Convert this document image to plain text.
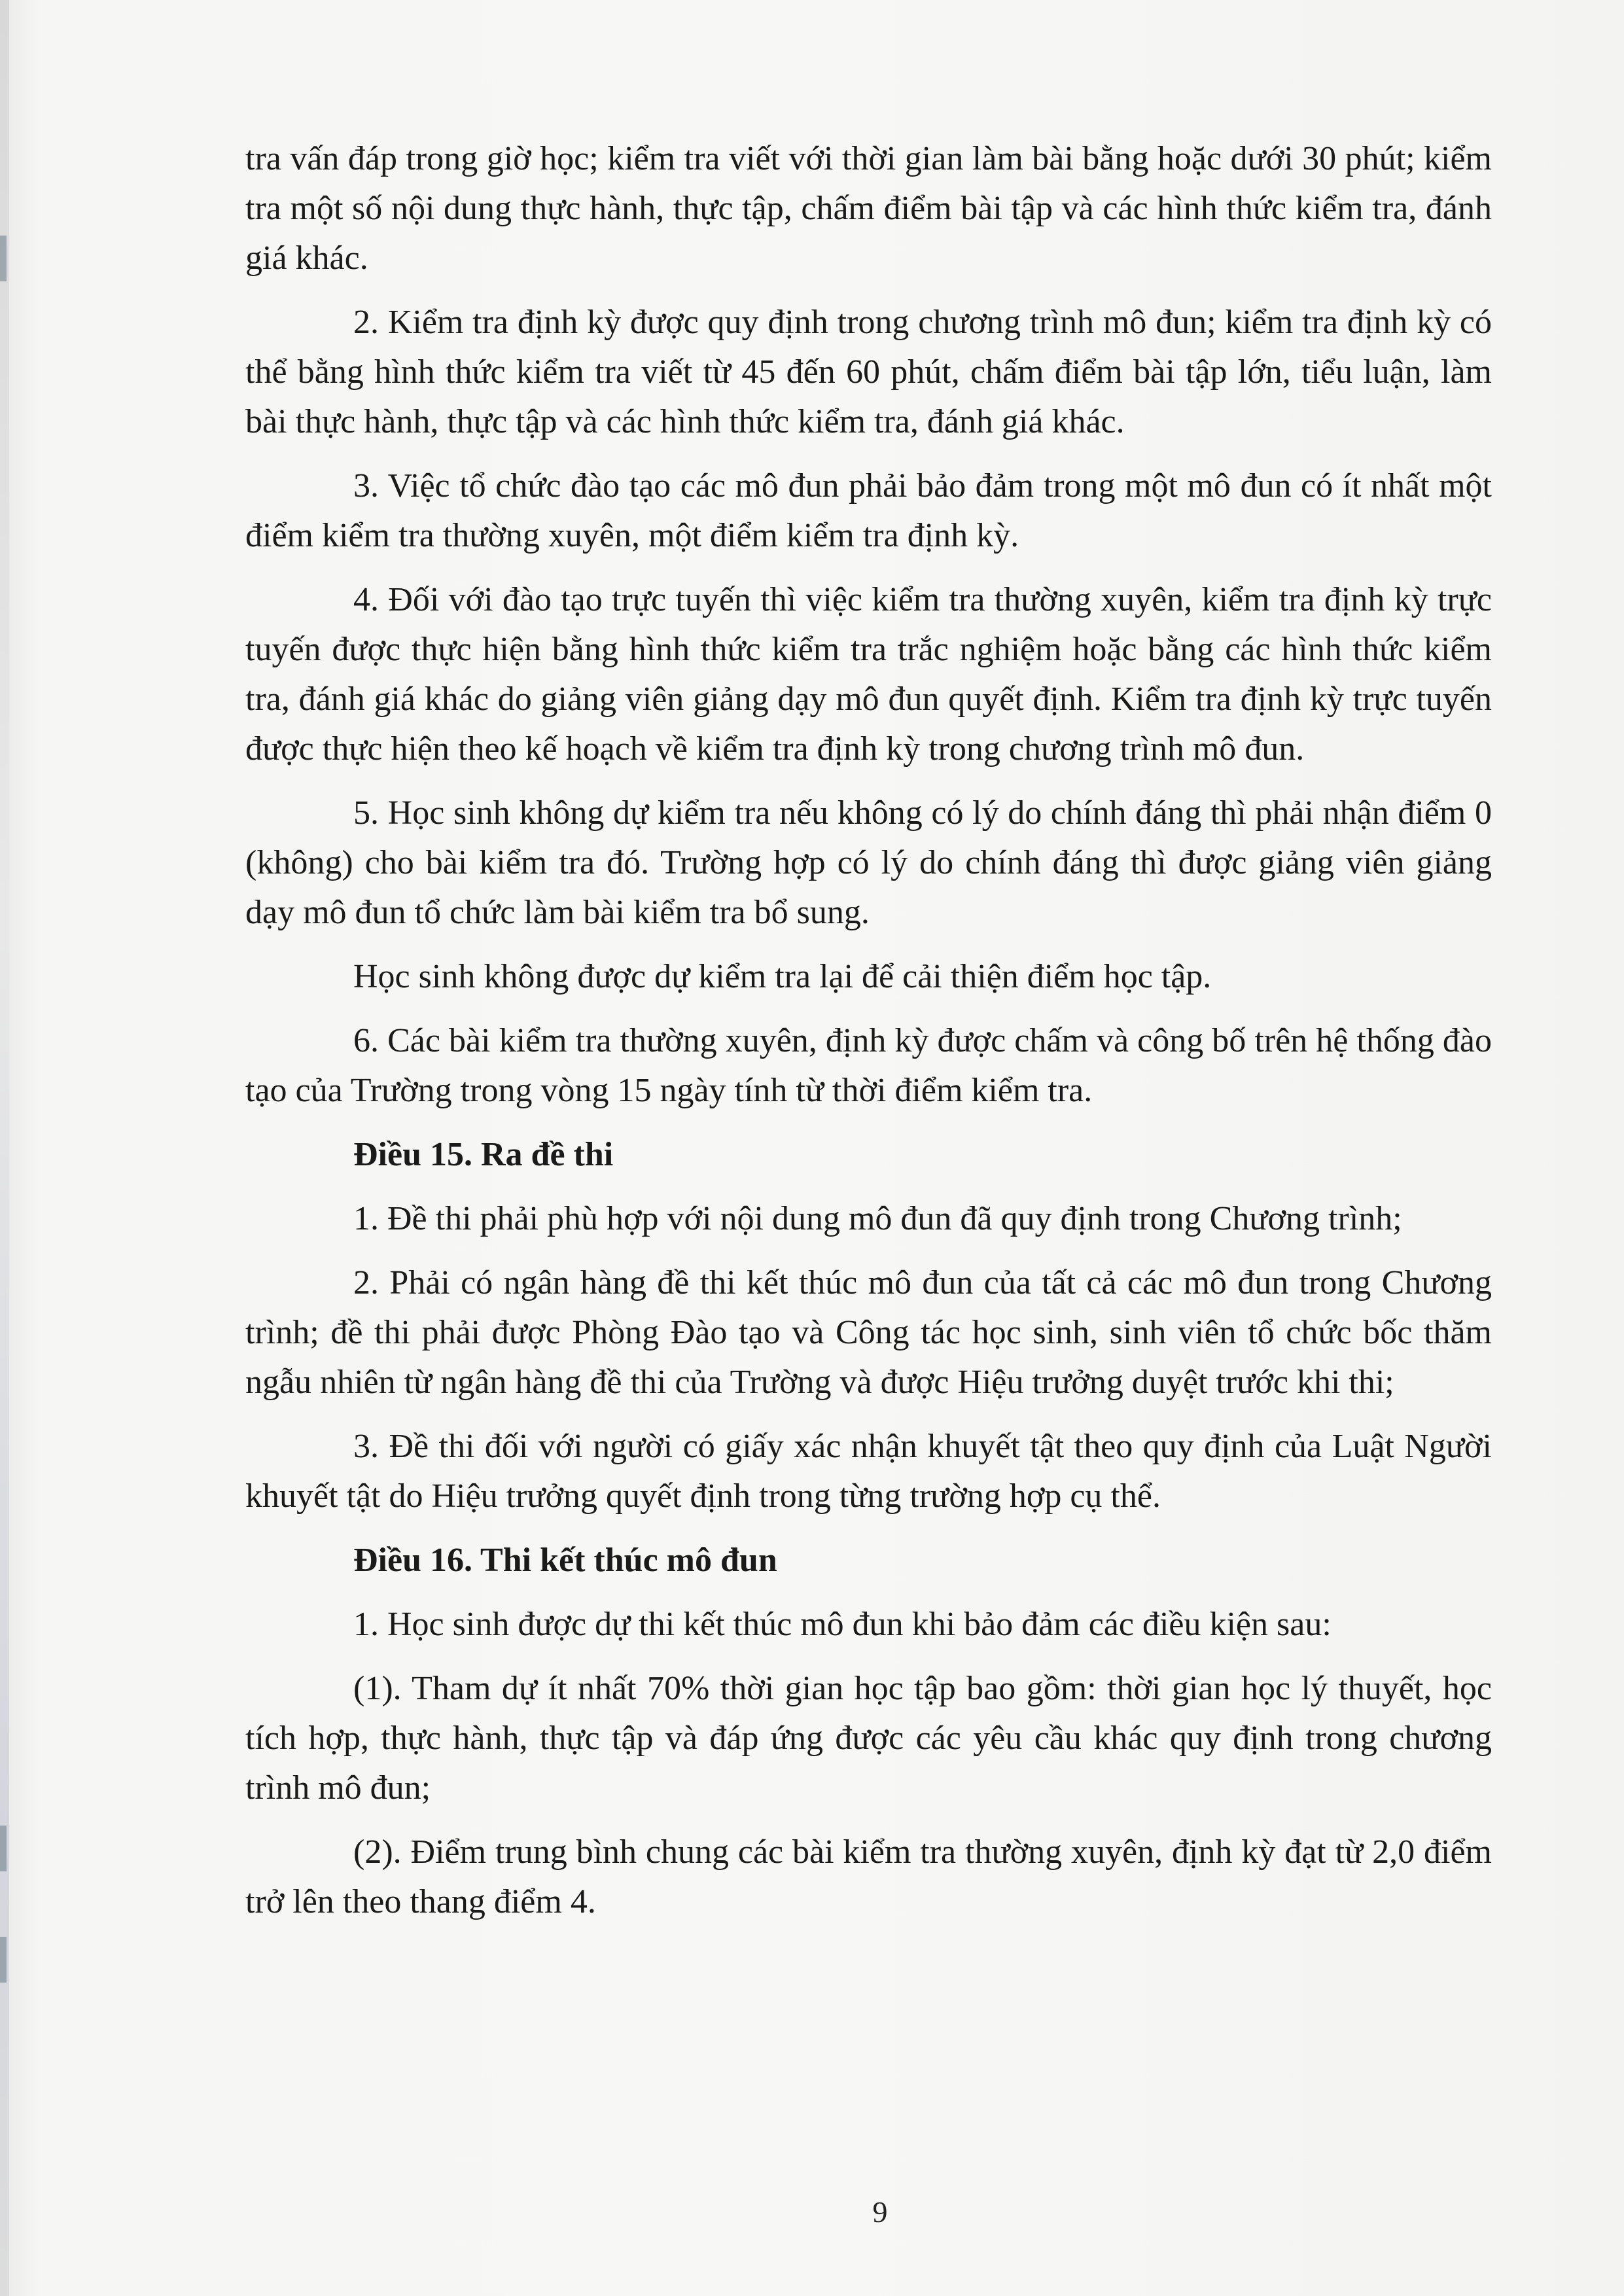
tra vấn đáp trong giờ học; kiểm tra viết với thời gian làm bài bằng hoặc dưới 30 phút; kiểm tra một số nội dung thực hành, thực tập, chấm điểm bài tập và các hình thức kiểm tra, đánh giá khác.

2. Kiểm tra định kỳ được quy định trong chương trình mô đun; kiểm tra định kỳ có thể bằng hình thức kiểm tra viết từ 45 đến 60 phút, chấm điểm bài tập lớn, tiểu luận, làm bài thực hành, thực tập và các hình thức kiểm tra, đánh giá khác.

3. Việc tổ chức đào tạo các mô đun phải bảo đảm trong một mô đun có ít nhất một điểm kiểm tra thường xuyên, một điểm kiểm tra định kỳ.

4. Đối với đào tạo trực tuyến thì việc kiểm tra thường xuyên, kiểm tra định kỳ trực tuyến được thực hiện bằng hình thức kiểm tra trắc nghiệm hoặc bằng các hình thức kiểm tra, đánh giá khác do giảng viên giảng dạy mô đun quyết định. Kiểm tra định kỳ trực tuyến được thực hiện theo kế hoạch về kiểm tra định kỳ trong chương trình mô đun.

5. Học sinh không dự kiểm tra nếu không có lý do chính đáng thì phải nhận điểm 0 (không) cho bài kiểm tra đó. Trường hợp có lý do chính đáng thì được giảng viên giảng dạy mô đun tổ chức làm bài kiểm tra bổ sung.

Học sinh không được dự kiểm tra lại để cải thiện điểm học tập.

6. Các bài kiểm tra thường xuyên, định kỳ được chấm và công bố trên hệ thống đào tạo của Trường trong vòng 15 ngày tính từ thời điểm kiểm tra.

Điều 15. Ra đề thi

1. Đề thi phải phù hợp với nội dung mô đun đã quy định trong Chương trình;

2. Phải có ngân hàng đề thi kết thúc mô đun của tất cả các mô đun trong Chương trình; đề thi phải được Phòng Đào tạo và Công tác học sinh, sinh viên tổ chức bốc thăm ngẫu nhiên từ ngân hàng đề thi của Trường và được Hiệu trưởng duyệt trước khi thi;

3. Đề thi đối với người có giấy xác nhận khuyết tật theo quy định của Luật Người khuyết tật do Hiệu trưởng quyết định trong từng trường hợp cụ thể.

Điều 16. Thi kết thúc mô đun

1. Học sinh được dự thi kết thúc mô đun khi bảo đảm các điều kiện sau:

(1). Tham dự ít nhất 70% thời gian học tập bao gồm: thời gian học lý thuyết, học tích hợp, thực hành, thực tập và đáp ứng được các yêu cầu khác quy định trong chương trình mô đun;

(2). Điểm trung bình chung các bài kiểm tra thường xuyên, định kỳ đạt từ 2,0 điểm trở lên theo thang điểm 4.

9
